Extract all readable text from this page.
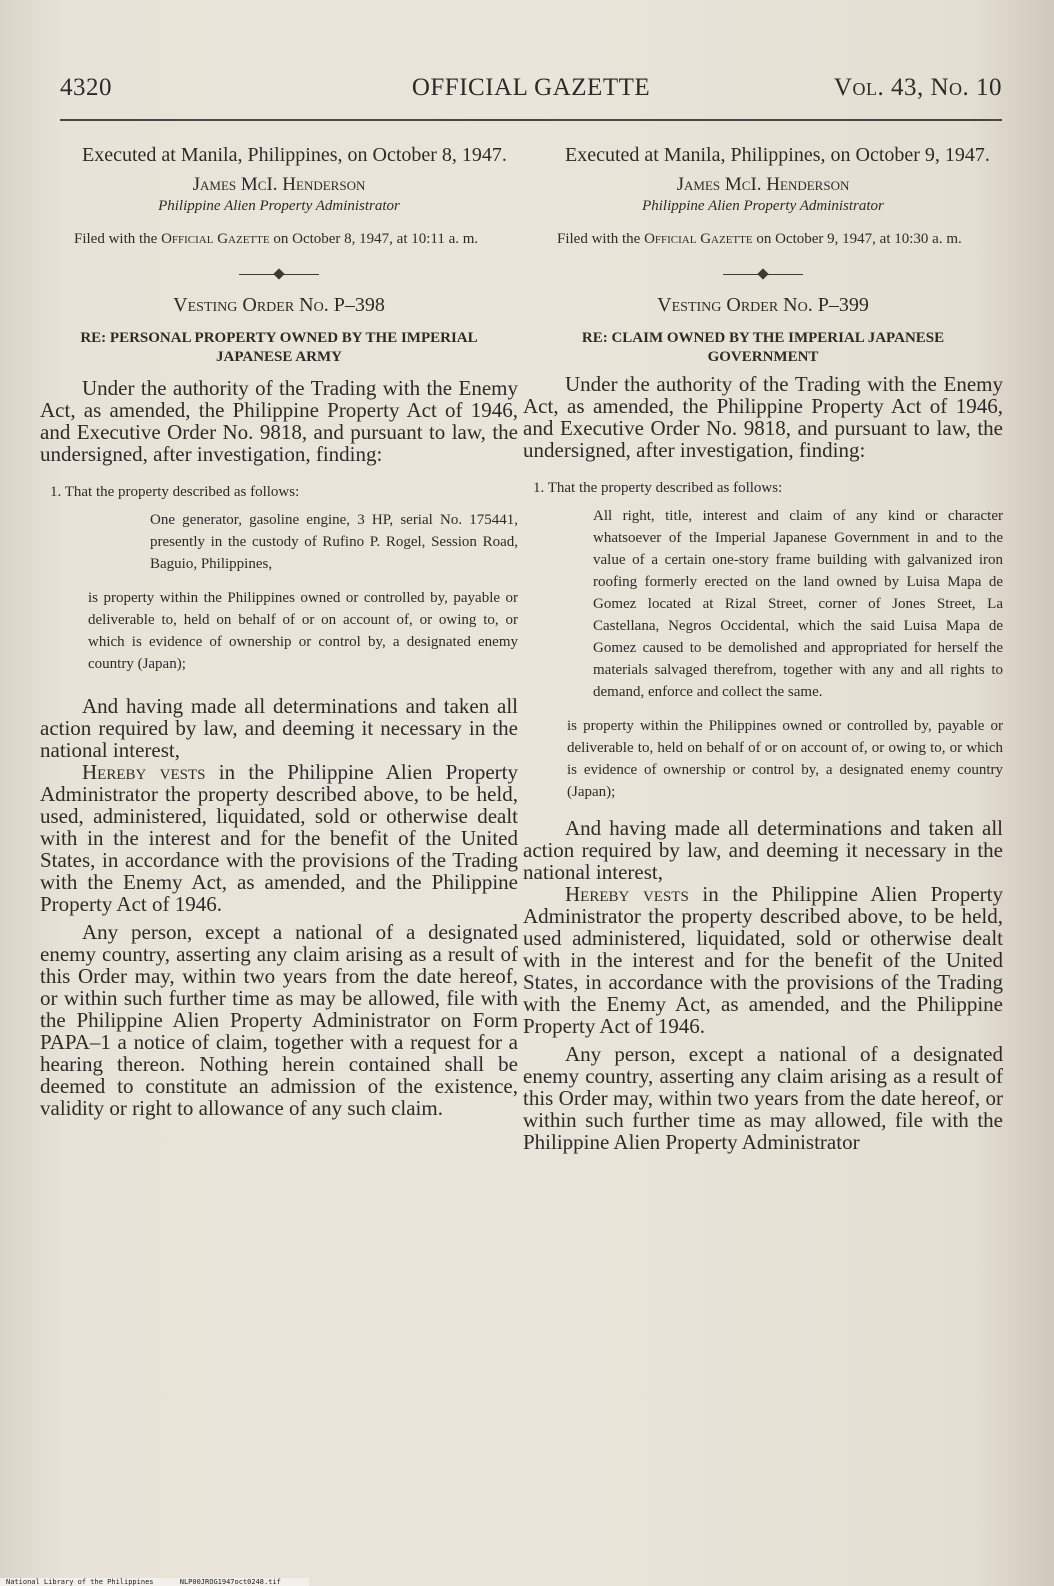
4320	OFFICIAL GAZETTE	Vol. 43, No. 10

Executed at Manila, Philippines, on October 8, 1947.

James McI. Henderson

Philippine Alien Property Administrator

Filed with the Official Gazette on October 8, 1947, at 10:11 a. m.

Vesting Order No. P–398

RE: PERSONAL PROPERTY OWNED BY THE IMPERIAL JAPANESE ARMY

Under the authority of the Trading with the Enemy Act, as amended, the Philippine Property Act of 1946, and Executive Order No. 9818, and pursuant to law, the undersigned, after investigation, finding:

1. That the property described as follows:

One generator, gasoline engine, 3 HP, serial No. 175441, presently in the custody of Rufino P. Rogel, Session Road, Baguio, Philippines,

is property within the Philippines owned or controlled by, payable or deliverable to, held on behalf of or on account of, or owing to, or which is evidence of ownership or control by, a designated enemy country (Japan);

And having made all determinations and taken all action required by law, and deeming it necessary in the national interest,

Hereby vests in the Philippine Alien Property Administrator the property described above, to be held, used, administered, liquidated, sold or otherwise dealt with in the interest and for the benefit of the United States, in accordance with the provisions of the Trading with the Enemy Act, as amended, and the Philippine Property Act of 1946.

Any person, except a national of a designated enemy country, asserting any claim arising as a result of this Order may, within two years from the date hereof, or within such further time as may be allowed, file with the Philippine Alien Property Administrator on Form PAPA–1 a notice of claim, together with a request for a hearing thereon. Nothing herein contained shall be deemed to constitute an admission of the existence, validity or right to allowance of any such claim.

Executed at Manila, Philippines, on October 9, 1947.

James McI. Henderson

Philippine Alien Property Administrator

Filed with the Official Gazette on October 9, 1947, at 10:30 a. m.

Vesting Order No. P–399

RE: CLAIM OWNED BY THE IMPERIAL JAPANESE GOVERNMENT

Under the authority of the Trading with the Enemy Act, as amended, the Philippine Property Act of 1946, and Executive Order No. 9818, and pursuant to law, the undersigned, after investigation, finding:

1. That the property described as follows:

All right, title, interest and claim of any kind or character whatsoever of the Imperial Japanese Government in and to the value of a certain one-story frame building with galvanized iron roofing formerly erected on the land owned by Luisa Mapa de Gomez located at Rizal Street, corner of Jones Street, La Castellana, Negros Occidental, which the said Luisa Mapa de Gomez caused to be demolished and appropriated for herself the materials salvaged therefrom, together with any and all rights to demand, enforce and collect the same.

is property within the Philippines owned or controlled by, payable or deliverable to, held on behalf of or on account of, or owing to, or which is evidence of ownership or control by, a designated enemy country (Japan);

And having made all determinations and taken all action required by law, and deeming it necessary in the national interest,

Hereby vests in the Philippine Alien Property Administrator the property described above, to be held, used administered, liquidated, sold or otherwise dealt with in the interest and for the benefit of the United States, in accordance with the provisions of the Trading with the Enemy Act, as amended, and the Philippine Property Act of 1946.

Any person, except a national of a designated enemy country, asserting any claim arising as a result of this Order may, within two years from the date hereof, or within such further time as may allowed, file with the Philippine Alien Property Administrator

National Library of the Philippines	NLP00JROG1947oct0248.tif
